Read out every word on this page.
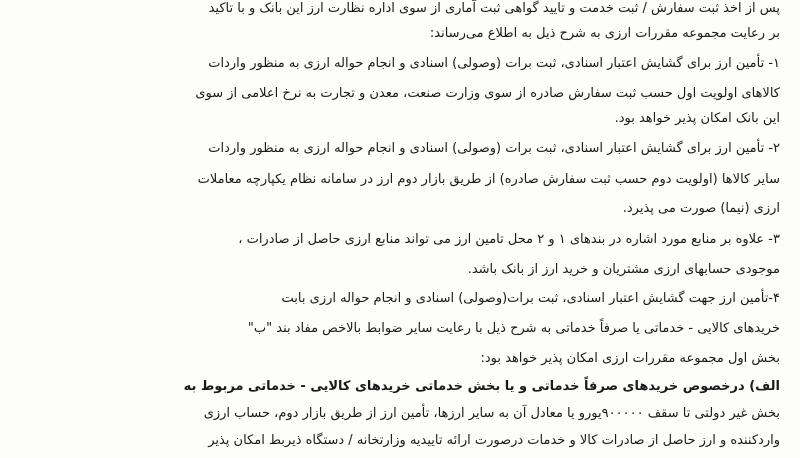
پس از اخذ ثبت سفارش / ثبت خدمت و تایید گواهی ثبت آماری از سوی اداره نظارت ارز این بانک و با تاکید
بر رعایت مجموعه مقررات ارزی به شرح ذیل به اطلاع می‌رساند:
۱- تأمین ارز برای گشایش اعتبار اسنادی، ثبت برات (وصولی) اسنادی و انجام حواله ارزی به منظور واردات
کالاهای اولویت اول حسب ثبت سفارش صادره از سوی وزارت صنعت، معدن و تجارت به نرخ اعلامی از سوی
این بانک امکان پذیر خواهد بود.
۲- تأمین ارز برای گشایش اعتبار اسنادی، ثبت برات (وصولی) اسنادی و انجام حواله ارزی به منظور واردات
سایر کالاها (اولویت دوم حسب ثبت سفارش صادره) از طریق بازار دوم ارز در سامانه نظام یکپارچه معاملات
ارزی (نیما) صورت می پذیرد.
۳- علاوه بر منابع مورد اشاره در بندهای ۱ و ۲ محل تامین ارز می تواند منابع ارزی حاصل از صادرات ،
موجودی حسابهای ارزی مشتریان و خرید ارز از بانک باشد.
۴-تأمین ارز جهت گشایش اعتبار اسنادی، ثبت برات(وصولی) اسنادی و انجام حواله ارزی بابت
خریدهای کالایی - خدماتی یا صرفاً خدماتی به شرح ذیل با رعایت سایر ضوابط بالاخص مفاد بند "ب"
بخش اول مجموعه مقررات ارزی امکان پذیر خواهد بود:
الف) درخصوص خریدهای صرفاً خدماتی و یا بخش خدماتی خریدهای کالایی - خدماتی مربوط به
بخش غیر دولتی تا سقف ۹۰۰۰۰۰یورو یا معادل آن به سایر ارزها، تأمین ارز از طریق بازار دوم، حساب ارزی
واردکننده و ارز حاصل از صادرات کالا و خدمات درصورت ارائه تاییدیه وزارتخانه / دستگاه ذیربط امکان پذیر
